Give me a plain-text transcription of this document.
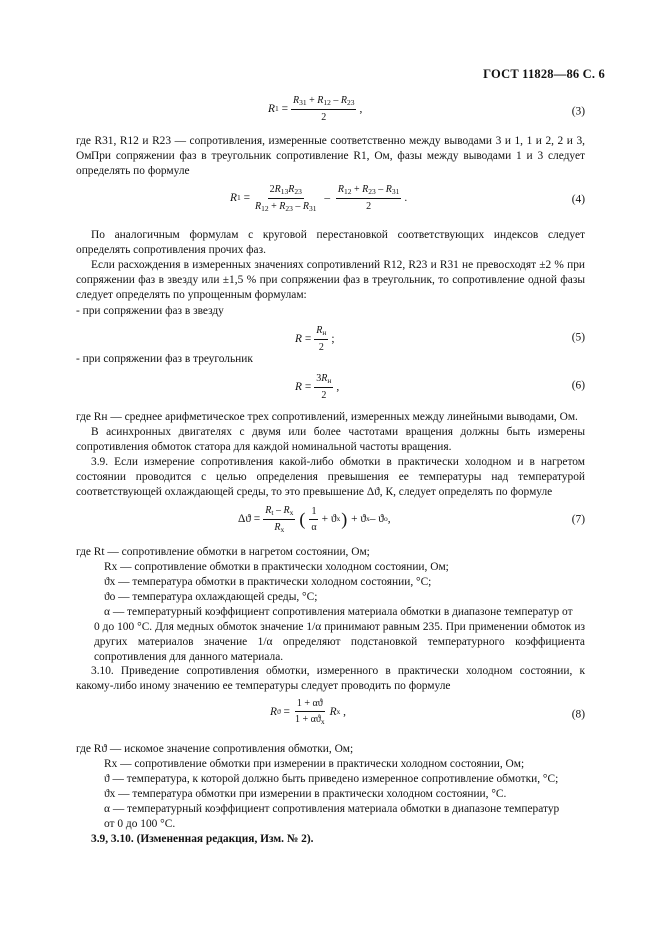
ГОСТ 11828—86 С. 6
R $1 = \frac{R_{31} + R_{12} - R_{23}}{2}$ ,	(3)
где R31, R12 и R23 — сопротивления, измеренные соответственно между выводами 3 и 1, 1 и 2, 2 и 3, Ом.
При сопряжении фаз в треугольник сопротивление R1, Ом, фазы между выводами 1 и 3 следует определять по формуле
R $1 = \frac{2R_{13}R_{23}}{R_{12} + R_{23} - R_{31}} - \frac{R_{12} + R_{23} - R_{31}}{2}$ .	(4)
По аналогичным формулам с круговой перестановкой соответствующих индексов следует определять сопротивления прочих фаз.
Если расхождения в измеренных значениях сопротивлений R12, R23 и R31 не превосходят ±2 % при сопряжении фаз в звезду или ±1,5 % при сопряжении фаз в треугольник, то сопротивление одной фазы следует определять по упрощенным формулам:
- при сопряжении фаз в звезду
$R = \frac{R_н}{2}$ ;	(5)
- при сопряжении фаз в треугольник
$R = \frac{3R_н}{2}$ ,	(6)
где Rн — среднее арифметическое трех сопротивлений, измеренных между линейными выводами, Ом.
В асинхронных двигателях с двумя или более частотами вращения должны быть измерены сопротивления обмоток статора для каждой номинальной частоты вращения.
3.9. Если измерение сопротивления какой-либо обмотки в практически холодном и в нагретом состоянии проводится с целью определения превышения ее температуры над температурой соответствующей охлаждающей среды, то это превышение Δϑ, К, следует определять по формуле
$\Delta ϑ = \frac{R_t - R_x}{R_x}$ ( $\frac{1}{\alpha} + ϑ$ x ) + ϑ x – ϑ о ,	(7)
где Rt — сопротивление обмотки в нагретом состоянии, Ом;
Rx — сопротивление обмотки в практически холодном состоянии, Ом;
ϑx — температура обмотки в практически холодном состоянии, °С;
ϑо — температура охлаждающей среды, °С;
α — температурный коэффициент сопротивления материала обмотки в диапазоне температур от
0 до 100 °С. Для медных обмоток значение 1/α принимают равным 235. При применении обмоток из других материалов значение 1/α определяют подстановкой температурного коэффициента сопротивления для данного материала.
3.10. Приведение сопротивления обмотки, измеренного в практически холодном состоянии, к какому-либо иному значению ее температуры следует проводить по формуле
R $ϑ = \frac{1 + \alpha ϑ}{1 + \alpha ϑ_x}$ R x ,	(8)
где Rϑ — искомое значение сопротивления обмотки, Ом;
Rx — сопротивление обмотки при измерении в практически холодном состоянии, Ом;
ϑ — температура, к которой должно быть приведено измеренное сопротивление обмотки, °С;
ϑx — температура обмотки при измерении в практически холодном состоянии, °С.
α — температурный коэффициент сопротивления материала обмотки в диапазоне температур
от 0 до 100 °С.
3.9, 3.10. (Измененная редакция, Изм. № 2).
